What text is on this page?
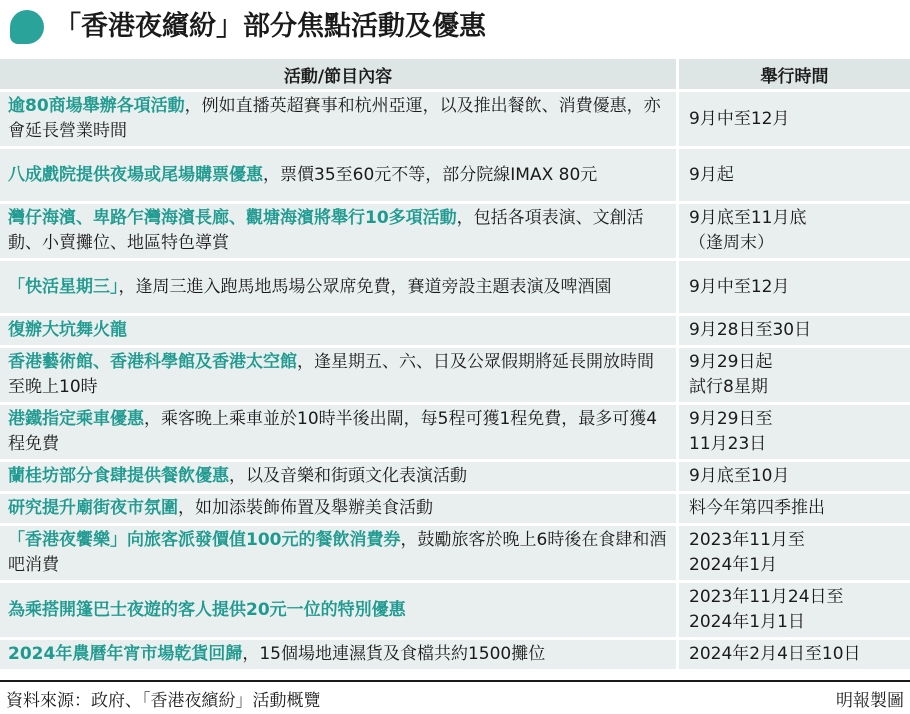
「香港夜繽紛」部分焦點活動及優惠
活動/節目內容	舉行時間
逾80商場舉辦各項活動，例如直播英超賽事和杭州亞運，以及推出餐飲、消費優惠，亦會延長營業時間	9月中至12月
八成戲院提供夜場或尾場購票優惠，票價35至60元不等，部分院線IMAX 80元	9月起
灣仔海濱、卑路乍灣海濱長廊、觀塘海濱將舉行10多項活動，包括各項表演、文創活動、小賣攤位、地區特色導賞	9月底至11月底
（逢周末）
「快活星期三」，逢周三進入跑馬地馬場公眾席免費，賽道旁設主題表演及啤酒園	9月中至12月
復辦大坑舞火龍	9月28日至30日
香港藝術館、香港科學館及香港太空館，逢星期五、六、日及公眾假期將延長開放時間至晚上10時	9月29日起
試行8星期
港鐵指定乘車優惠，乘客晚上乘車並於10時半後出閘，每5程可獲1程免費，最多可獲4程免費	9月29日至
11月23日
蘭桂坊部分食肆提供餐飲優惠，以及音樂和街頭文化表演活動	9月底至10月
研究提升廟街夜市氛圍，如加添裝飾佈置及舉辦美食活動	料今年第四季推出
「香港夜饗樂」向旅客派發價值100元的餐飲消費券，鼓勵旅客於晚上6時後在食肆和酒吧消費	2023年11月至
2024年1月
為乘搭開篷巴士夜遊的客人提供20元一位的特別優惠	2023年11月24日至
2024年1月1日
2024年農曆年宵市場乾貨回歸，15個場地連濕貨及食檔共約1500攤位	2024年2月4日至10日
資料來源：政府、「香港夜繽紛」活動概覽	明報製圖
